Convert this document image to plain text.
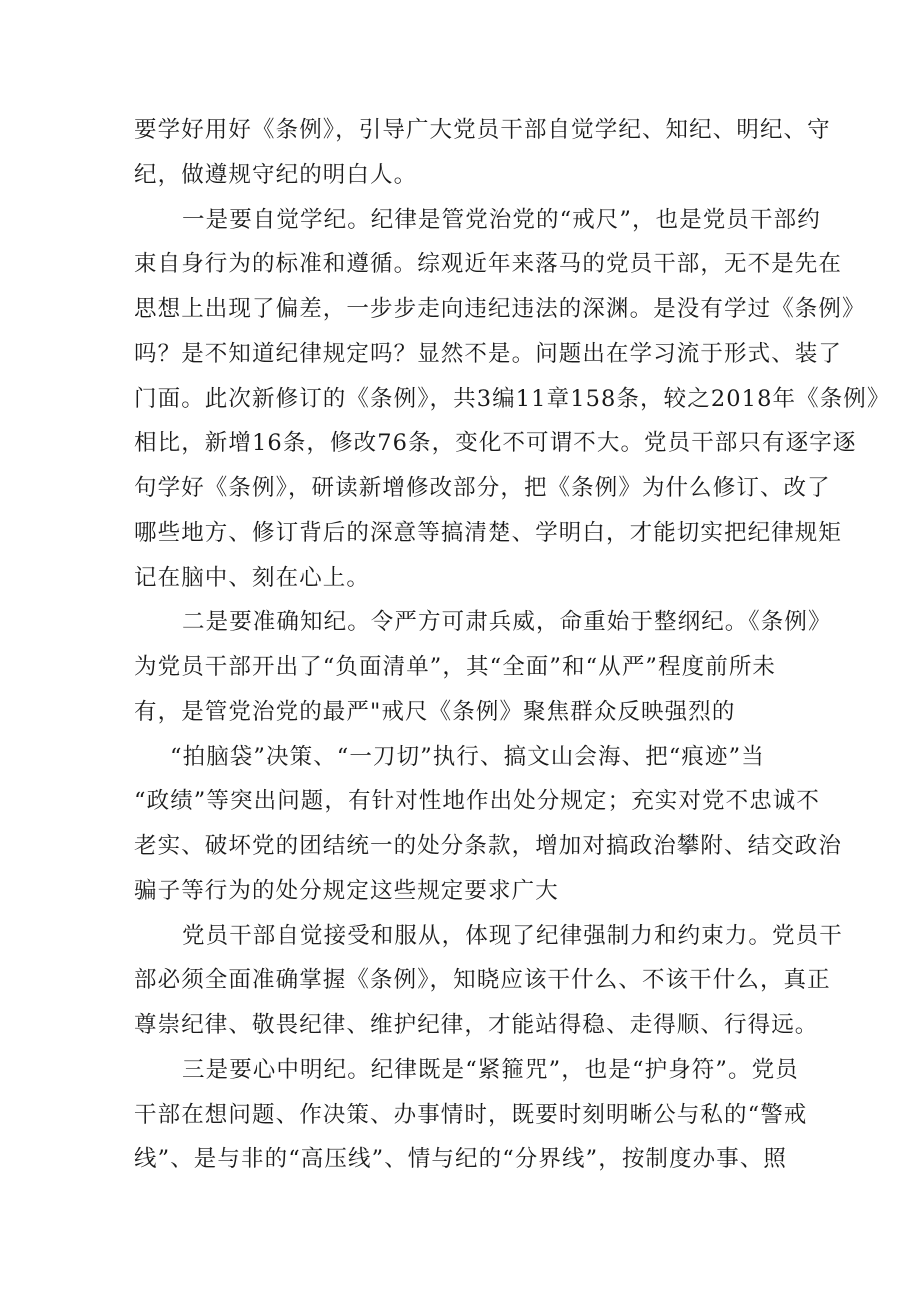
要学好用好《条例》，引导广大党员干部自觉学纪、知纪、明纪、守
纪，做遵规守纪的明白人。
一是要自觉学纪。纪律是管党治党的“戒尺”，也是党员干部约
束自身行为的标准和遵循。综观近年来落马的党员干部，无不是先在
思想上出现了偏差，一步步走向违纪违法的深渊。是没有学过《条例》
吗？是不知道纪律规定吗？显然不是。问题出在学习流于形式、装了
门面。此次新修订的《条例》，共3编11章158条，较之2018年《条例》
相比，新增16条，修改76条，变化不可谓不大。党员干部只有逐字逐
句学好《条例》，研读新增修改部分，把《条例》为什么修订、改了
哪些地方、修订背后的深意等搞清楚、学明白，才能切实把纪律规矩
记在脑中、刻在心上。
二是要准确知纪。令严方可肃兵威，命重始于整纲纪。《条例》
为党员干部开出了“负面清单”，其“全面”和“从严”程度前所未
有，是管党治党的最严"戒尺《条例》聚焦群众反映强烈的
“拍脑袋”决策、“一刀切”执行、搞文山会海、把“痕迹”当
“政绩”等突出问题，有针对性地作出处分规定；充实对党不忠诚不
老实、破坏党的团结统一的处分条款，增加对搞政治攀附、结交政治
骗子等行为的处分规定这些规定要求广大
党员干部自觉接受和服从，体现了纪律强制力和约束力。党员干
部必须全面准确掌握《条例》，知晓应该干什么、不该干什么，真正
尊崇纪律、敬畏纪律、维护纪律，才能站得稳、走得顺、行得远。
三是要心中明纪。纪律既是“紧箍咒”，也是“护身符”。党员
干部在想问题、作决策、办事情时，既要时刻明晰公与私的“警戒
线”、是与非的“高压线”、情与纪的“分界线”，按制度办事、照
